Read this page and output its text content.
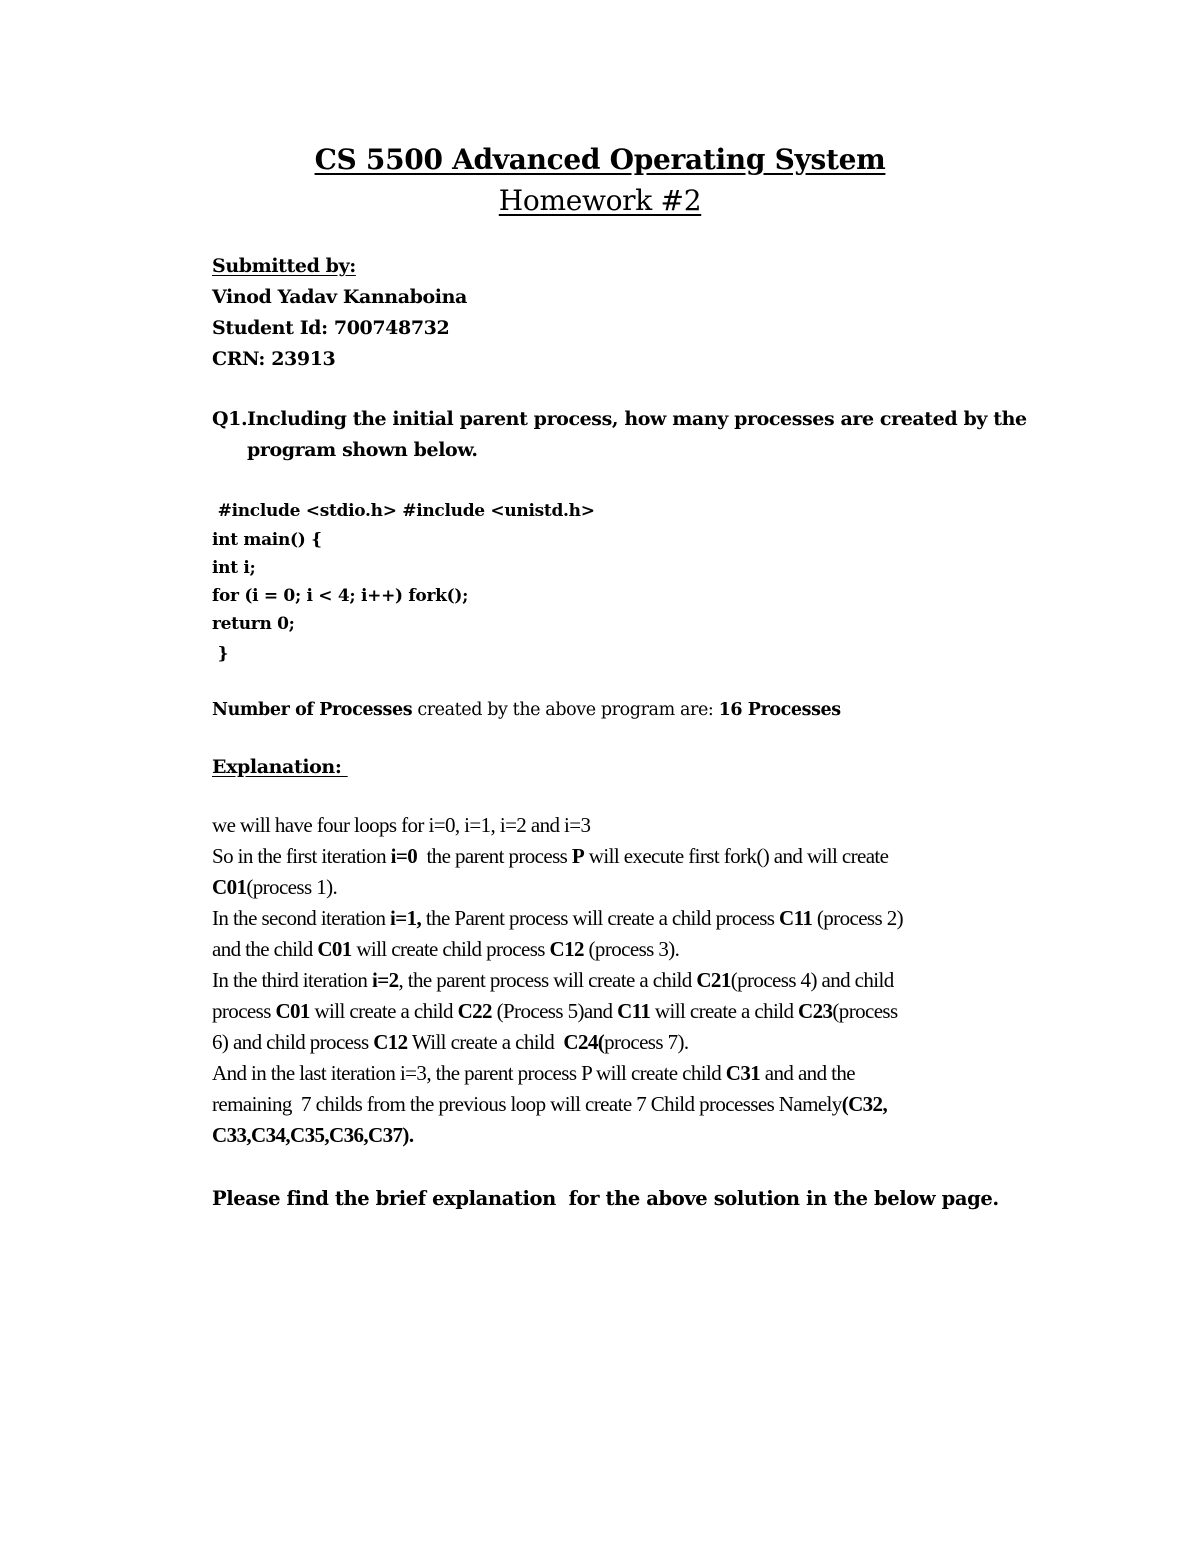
CS 5500 Advanced Operating System
Homework #2
Submitted by:
Vinod Yadav Kannaboina
Student Id: 700748732
CRN: 23913
Q1.Including the initial parent process, how many processes are created by the
program shown below.
#include <stdio.h> #include <unistd.h>
int main() {
int i;
for (i = 0; i < 4; i++) fork();
return 0;
}
Number of Processes created by the above program are: 16 Processes
Explanation:
we will have four loops for i=0, i=1, i=2 and i=3
So in the first iteration i=0  the parent process P will execute first fork() and will create
C01(process 1).
In the second iteration i=1, the Parent process will create a child process C11 (process 2)
and the child C01 will create child process C12 (process 3).
In the third iteration i=2, the parent process will create a child C21(process 4) and child
process C01 will create a child C22 (Process 5)and C11 will create a child C23(process
6) and child process C12 Will create a child  C24(process 7).
And in the last iteration i=3, the parent process P will create child C31 and and the
remaining  7 childs from the previous loop will create 7 Child processes Namely(C32,
C33,C34,C35,C36,C37).
Please find the brief explanation  for the above solution in the below page.
